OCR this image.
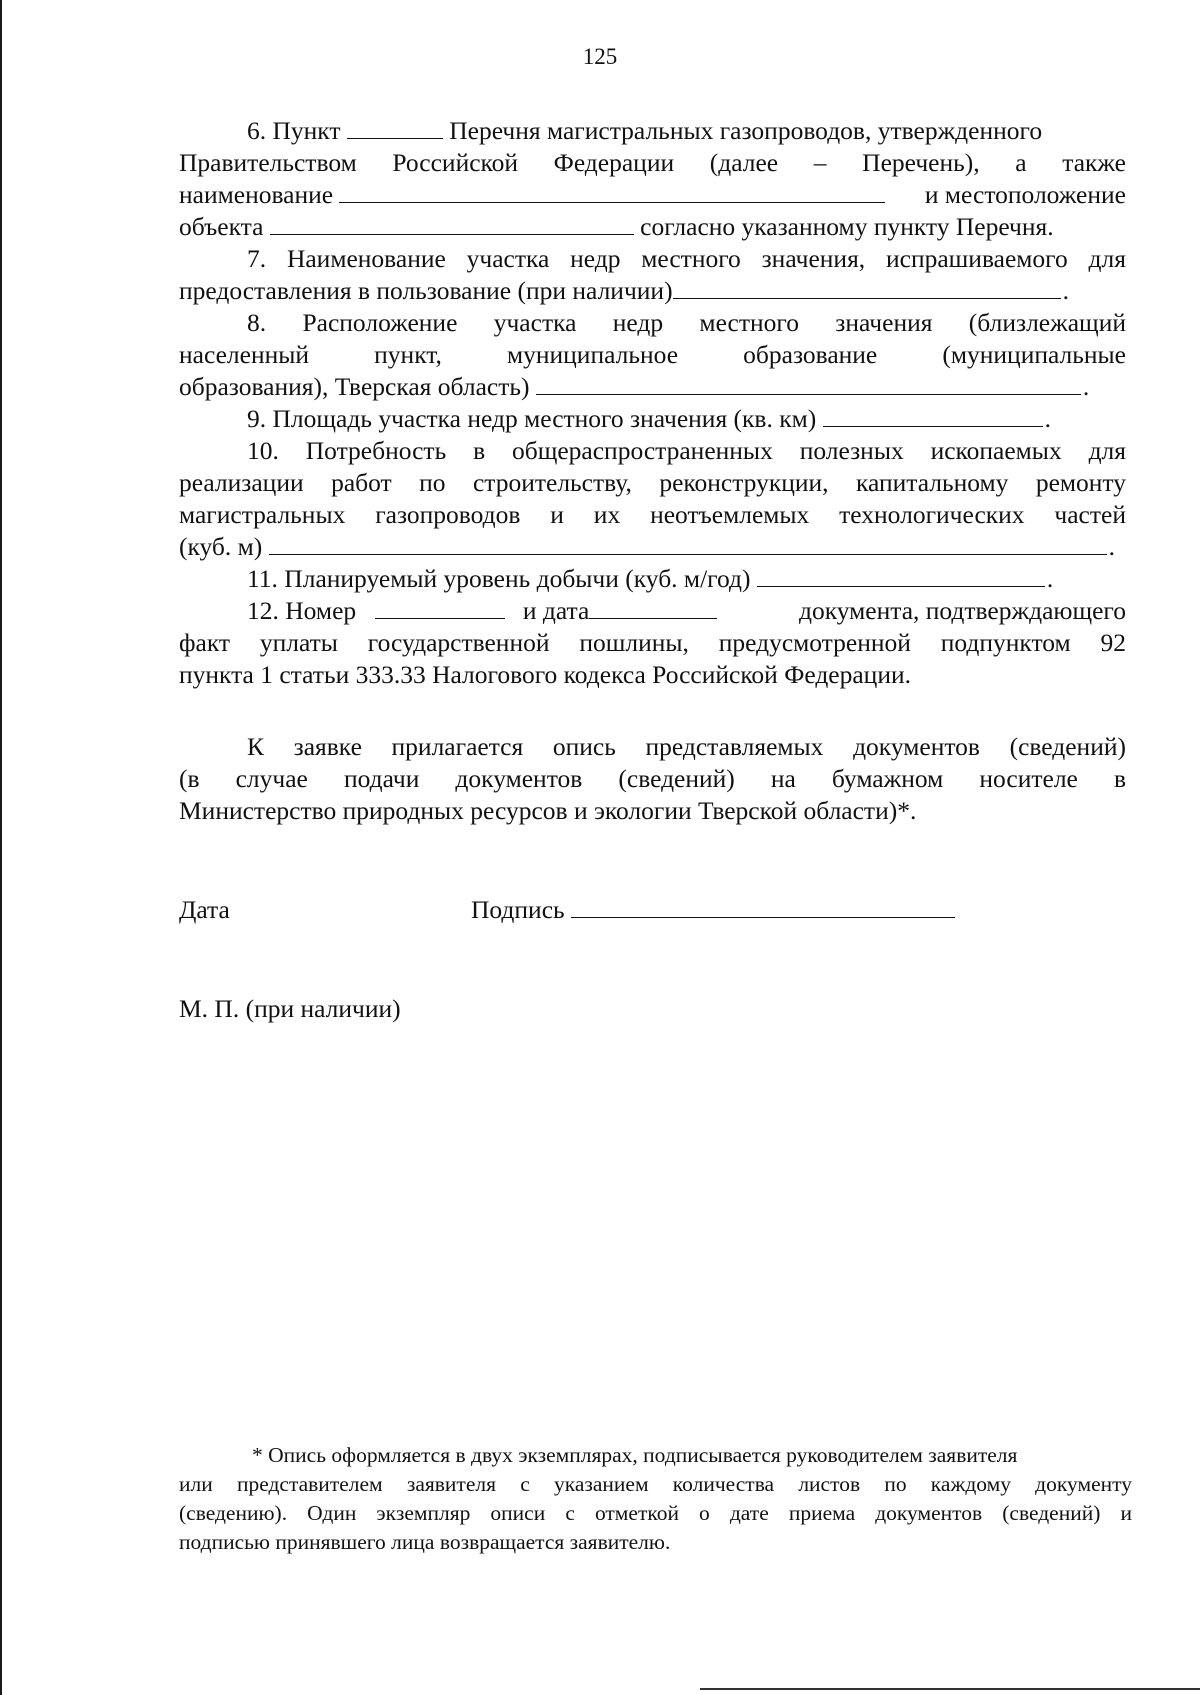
125
6. Пункт	Перечня магистральных газопроводов, утвержденного
Правительством Российской Федерации (далее – Перечень), а также
наименование	и местоположение
объекта	согласно указанному пункту Перечня.
7. Наименование участка недр местного значения, испрашиваемого для
предоставления в пользование (при наличии)	.
8. Расположение участка недр местного значения (близлежащий
населенный пункт, муниципальное образование (муниципальные
образования), Тверская область)	.
9. Площадь участка недр местного значения (кв. км)	.
10. Потребность в общераспространенных полезных ископаемых для
реализации работ по строительству, реконструкции, капитальному ремонту
магистральных газопроводов и их неотъемлемых технологических частей
(куб. м)	.
11. Планируемый уровень добычи (куб. м/год)	.
12. Номер	и дата	документа, подтверждающего
факт уплаты государственной пошлины, предусмотренной подпунктом 92
пункта 1 статьи 333.33 Налогового кодекса Российской Федерации.
К заявке прилагается опись представляемых документов (сведений)
(в случае подачи документов (сведений) на бумажном носителе в
Министерство природных ресурсов и экологии Тверской области)*.
Дата	Подпись
М. П. (при наличии)
* Опись оформляется в двух экземплярах, подписывается руководителем заявителя
или представителем заявителя с указанием количества листов по каждому документу
(сведению). Один экземпляр описи с отметкой о дате приема документов (сведений) и
подписью принявшего лица возвращается заявителю.
